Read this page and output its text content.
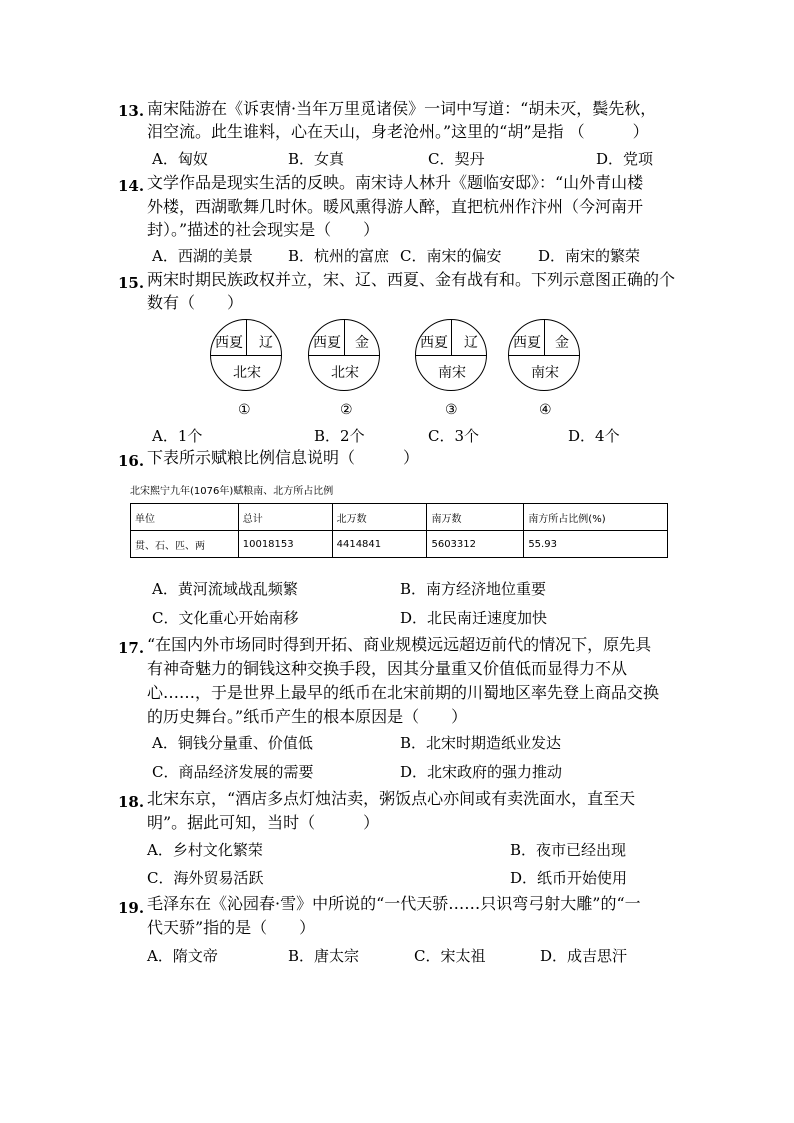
13. 南宋陆游在《诉衷情·当年万里觅诸侯》一词中写道：“胡未灭，鬓先秋，
泪空流。此生谁料，心在天山，身老沧州。”这里的“胡”是指 （　　　）
A．匈奴	B．女真	C．契丹	D．党项
14. 文学作品是现实生活的反映。南宋诗人林升《题临安邸》：“山外青山楼
外楼，西湖歌舞几时休。暖风熏得游人醉，直把杭州作汴州（今河南开
封）。”描述的社会现实是（　　）
A．西湖的美景 B．杭州的富庶 C．南宋的偏安 D．南宋的繁荣
15. 两宋时期民族政权并立，宋、辽、西夏、金有战有和。下列示意图正确的个
数有（　　）
西夏 辽
北宋
西夏 金
北宋
西夏 辽
南宋
西夏 金
南宋
①	②	③	④
A．1个	B．2个	C．3个	D．4个
16. 下表所示赋粮比例信息说明（　　　）
北宋熙宁九年(1076年)赋粮南、北方所占比例
单位	总计	北万数	南万数	南方所占比例(%)
贯、石、匹、两	10018153	4414841	5603312	55.93
A．黄河流域战乱频繁	B．南方经济地位重要
C．文化重心开始南移	D．北民南迁速度加快
17. “在国内外市场同时得到开拓、商业规模远远超迈前代的情况下，原先具
有神奇魅力的铜钱这种交换手段，因其分量重又价值低而显得力不从
心……，于是世界上最早的纸币在北宋前期的川蜀地区率先登上商品交换
的历史舞台。”纸币产生的根本原因是（　　）
A．铜钱分量重、价值低	B．北宋时期造纸业发达
C．商品经济发展的需要	D．北宋政府的强力推动
18. 北宋东京，“酒店多点灯烛沽卖，粥饭点心亦间或有卖洗面水，直至天
明”。据此可知，当时（　　　）
A．乡村文化繁荣	B．夜市已经出现
C．海外贸易活跃	D．纸币开始使用
19. 毛泽东在《沁园春·雪》中所说的“一代天骄……只识弯弓射大雕”的“一
代天骄”指的是（　　）
A．隋文帝	B．唐太宗	C．宋太祖	D．成吉思汗
